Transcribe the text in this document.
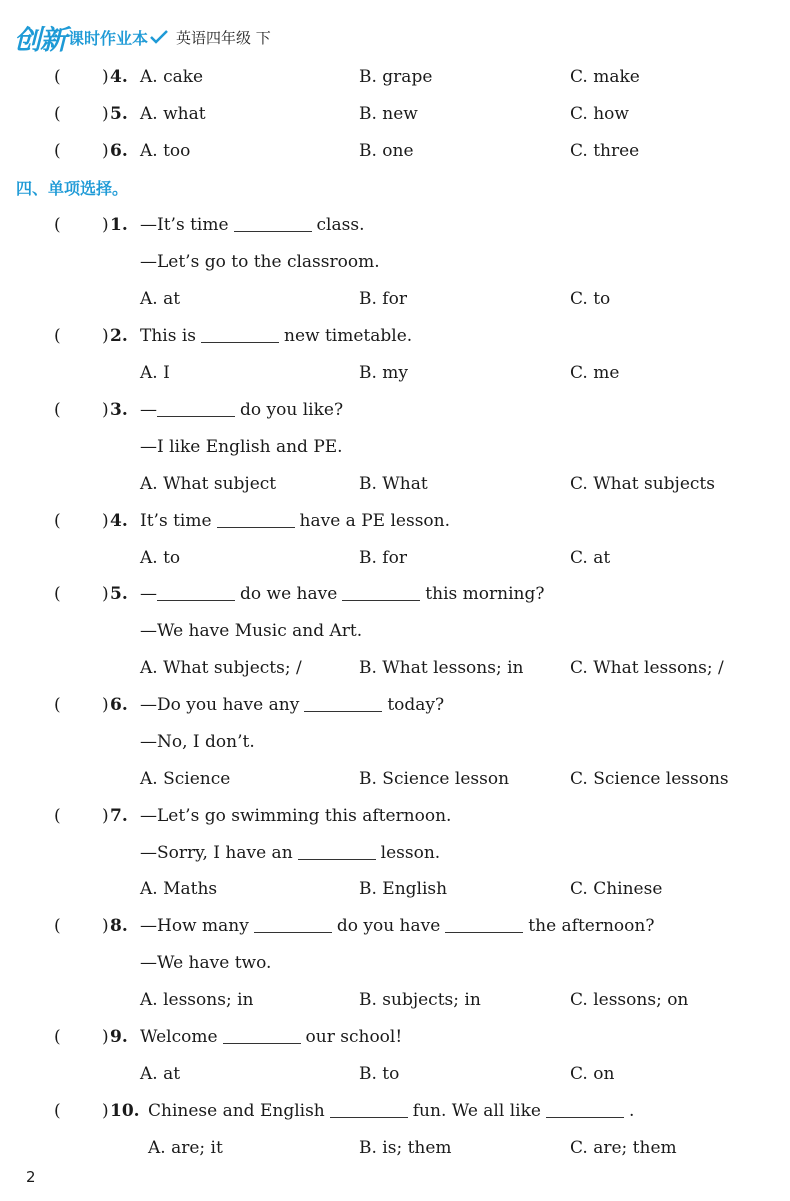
创新 课时作业本 英语四年级 下
( ) 4. A. cake	B. grape	C. make
( ) 5. A. what	B. new	C. how
( ) 6. A. too	B. one	C. three
四、单项选择。
( ) 1. —It’s time	class.
—Let’s go to the classroom.
A. at	B. for	C. to
( ) 2. This is	new timetable.
A. I	B. my	C. me
( ) 3. —	do you like?
—I like English and PE.
A. What subject	B. What	C. What subjects
( ) 4. It’s time	have a PE lesson.
A. to	B. for	C. at
( ) 5. —	do we have	this morning?
—We have Music and Art.
A. What subjects; /	B. What lessons; in	C. What lessons; /
( ) 6. —Do you have any	today?
—No, I don’t.
A. Science	B. Science lesson	C. Science lessons
( ) 7. —Let’s go swimming this afternoon.
—Sorry, I have an	lesson.
A. Maths	B. English	C. Chinese
( ) 8. —How many	do you have	the afternoon?
—We have two.
A. lessons; in	B. subjects; in	C. lessons; on
( ) 9. Welcome	our school!
A. at	B. to	C. on
( ) 10. Chinese and English	fun. We all like	.
A. are; it	B. is; them	C. are; them
2
